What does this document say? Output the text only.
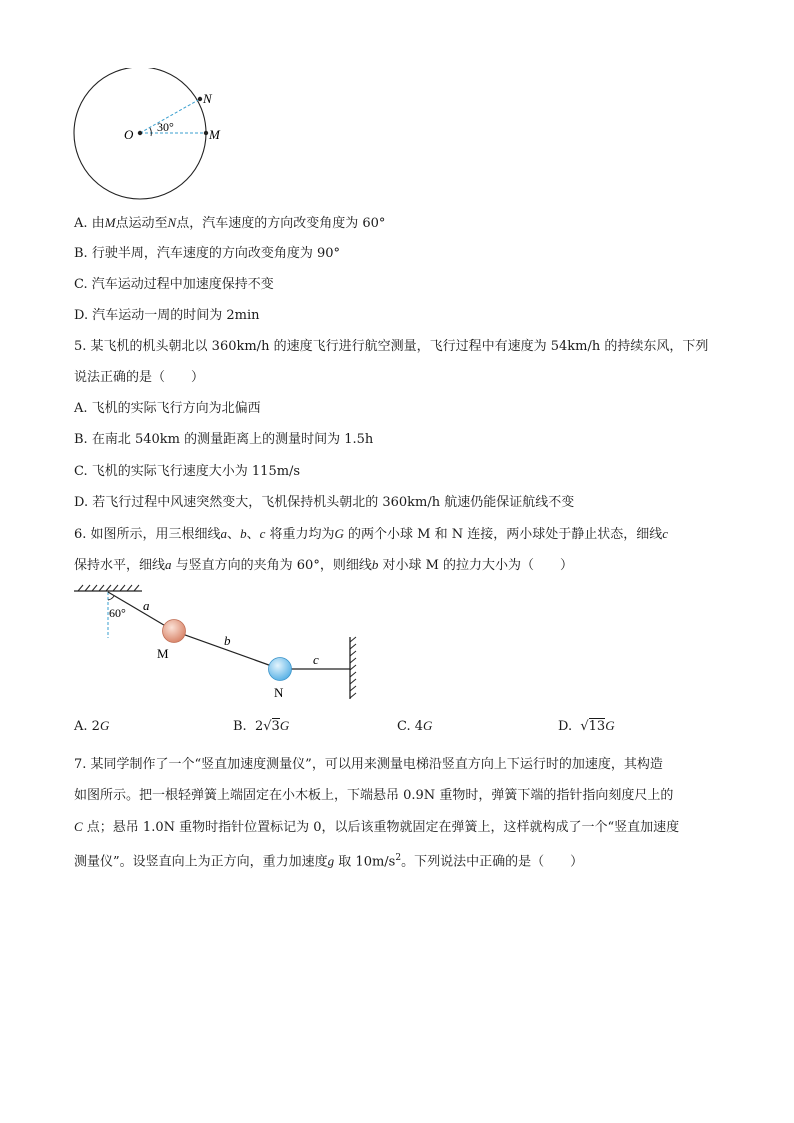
O 30°
N
M
A. 由M点运动至N点，汽车速度的方向改变角度为 60°
B. 行驶半周，汽车速度的方向改变角度为 90°
C. 汽车运动过程中加速度保持不变
D. 汽车运动一周的时间为 2min
5. 某飞机的机头朝北以 360km/h 的速度飞行进行航空测量，飞行过程中有速度为 54km/h 的持续东风，下列
说法正确的是（　　）
A. 飞机的实际飞行方向为北偏西
B. 在南北 540km 的测量距离上的测量时间为 1.5h
C. 飞机的实际飞行速度大小为 115m/s
D. 若飞行过程中风速突然变大，飞机保持机头朝北的 360km/h 航速仍能保证航线不变
6. 如图所示，用三根细线a、b、c 将重力均为G 的两个小球 M 和 N 连接，两小球处于静止状态，细线c
保持水平，细线a 与竖直方向的夹角为 60°，则细线b 对小球 M 的拉力大小为（　　）
60° a
b
c
M
N
A. 2G	B. 2√3G	C. 4G	D. √13G
7. 某同学制作了一个“竖直加速度测量仪”，可以用来测量电梯沿竖直方向上下运行时的加速度，其构造
如图所示。把一根轻弹簧上端固定在小木板上，下端悬吊 0.9N 重物时，弹簧下端的指针指向刻度尺上的
C 点；悬吊 1.0N 重物时指针位置标记为 0，以后该重物就固定在弹簧上，这样就构成了一个“竖直加速度
测量仪”。设竖直向上为正方向，重力加速度g 取 $10m/s^2$。下列说法中正确的是（　　）
